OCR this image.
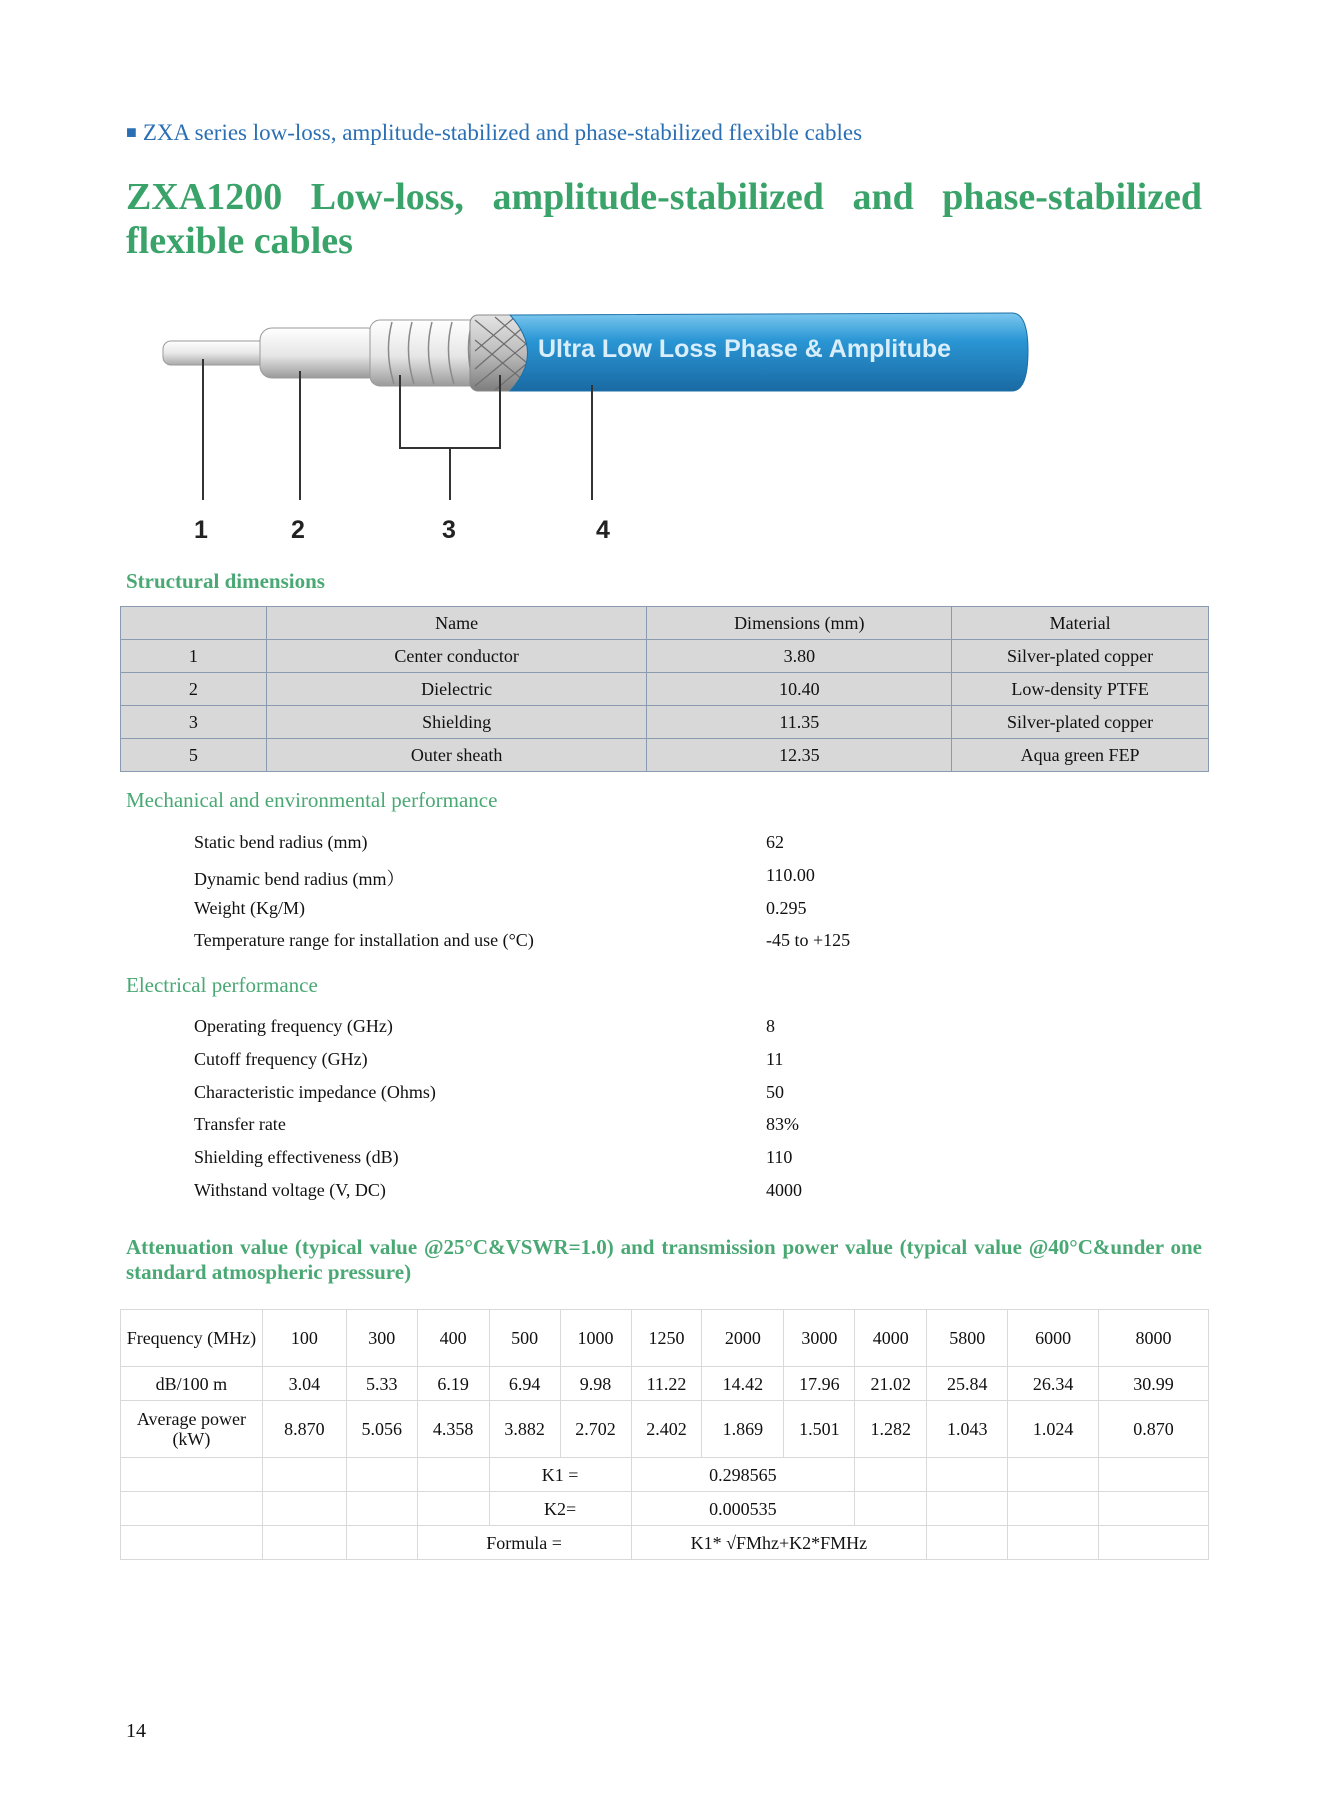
■ ZXA series low-loss, amplitude-stabilized and phase-stabilized flexible cables
ZXA1200 Low-loss, amplitude-stabilized and phase-stabilized flexible cables
Ultra Low Loss Phase & Amplitube
1	2	3	4
Structural dimensions
	Name	Dimensions (mm)	Material
1	Center conductor	3.80	Silver-plated copper
2	Dielectric	10.40	Low-density PTFE
3	Shielding	11.35	Silver-plated copper
5	Outer sheath	12.35	Aqua green FEP
Mechanical and environmental performance
Static bend radius (mm)	62
Dynamic bend radius (mm）	110.00
Weight (Kg/M)	0.295
Temperature range for installation and use (°C)	-45 to +125
Electrical performance
Operating frequency (GHz)	8
Cutoff frequency (GHz)	11
Characteristic impedance (Ohms)	50
Transfer rate	83%
Shielding effectiveness (dB)	110
Withstand voltage (V, DC)	4000
Attenuation value (typical value @25°C&VSWR=1.0) and transmission power value (typical value @40°C&under one standard atmospheric pressure)
Frequency (MHz)	100	300	400	500	1000	1250	2000	3000	4000	5800	6000	8000
dB/100 m	3.04	5.33	6.19	6.94	9.98	11.22	14.42	17.96	21.02	25.84	26.34	30.99
Average power (kW)	8.870	5.056	4.358	3.882	2.702	2.402	1.869	1.501	1.282	1.043	1.024	0.870
				K1 =		0.298565						
				K2=		0.000535						
			Formula =			K1* √FMhz+K2*FMHz						
14
